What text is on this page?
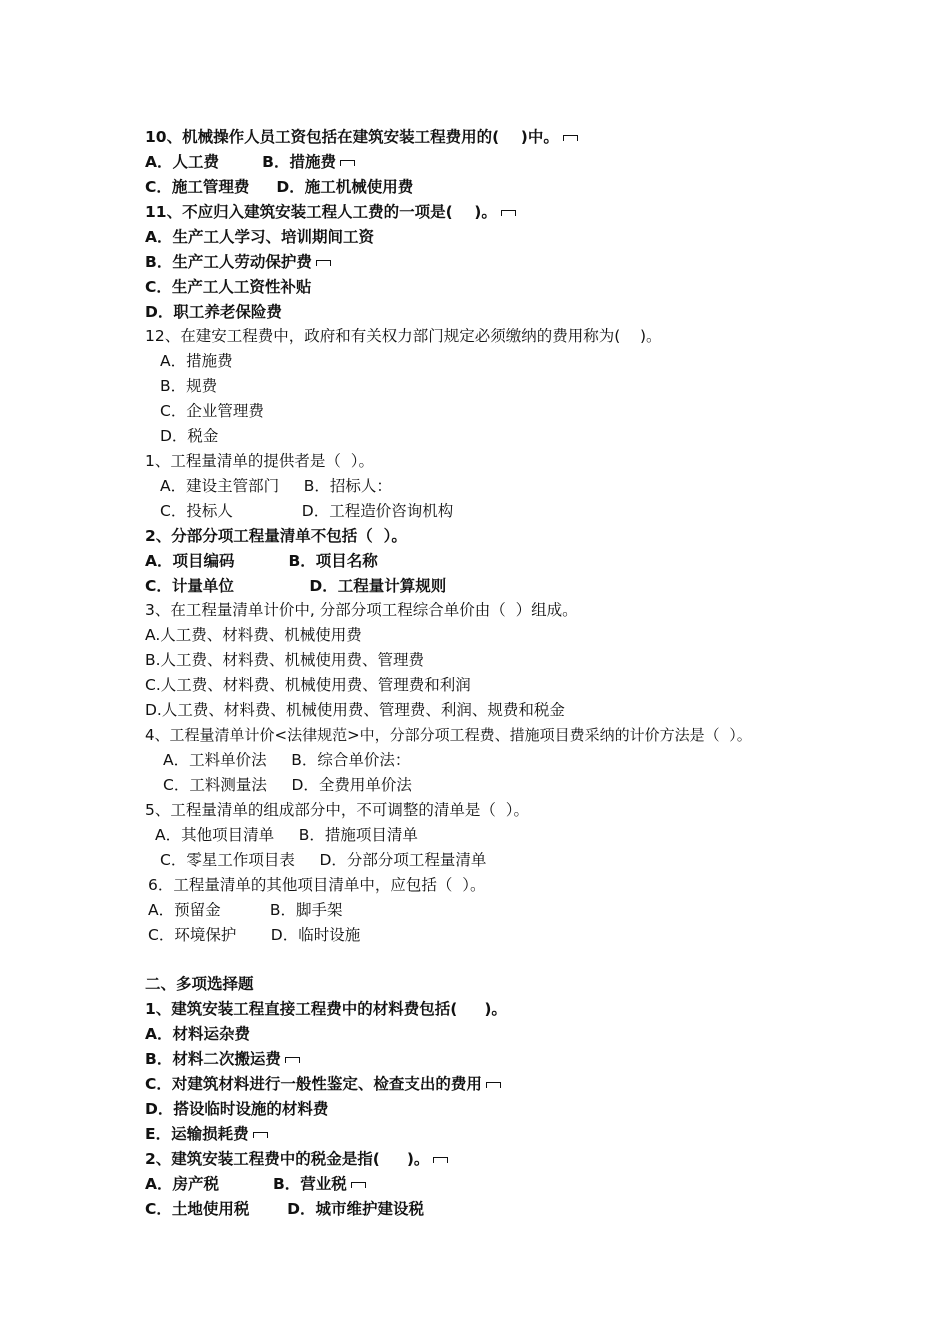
10、机械操作人员工资包括在建筑安装工程费用的(    )中。
A．人工费        B．措施费
C．施工管理费     D．施工机械使用费
11、不应归入建筑安装工程人工费的一项是(    )。
A．生产工人学习、培训期间工资
B．生产工人劳动保护费
C．生产工人工资性补贴
D．职工养老保险费
12、在建安工程费中，政府和有关权力部门规定必须缴纳的费用称为(    )。
A．措施费
B．规费
C．企业管理费
D．税金
1、工程量清单的提供者是（  ）。
A．建设主管部门     B．招标人：
C．投标人              D．工程造价咨询机构
2、分部分项工程量清单不包括（  ）。
A．项目编码          B．项目名称
C．计量单位              D．工程量计算规则
3、在工程量清单计价中, 分部分项工程综合单价由（  ）组成。
A.人工费、材料费、机械使用费
B.人工费、材料费、机械使用费、管理费
C.人工费、材料费、机械使用费、管理费和利润
D.人工费、材料费、机械使用费、管理费、利润、规费和税金
4、工程量清单计价<法律规范>中，分部分项工程费、措施项目费采纳的计价方法是（  ）。
A．工料单价法     B．综合单价法：
C．工料测量法     D．全费用单价法
5、工程量清单的组成部分中，不可调整的清单是（  ）。
A．其他项目清单     B．措施项目清单
C．零星工作项目表     D．分部分项工程量清单
6．工程量清单的其他项目清单中，应包括（  ）。
A．预留金          B．脚手架
C．环境保护       D．临时设施
二、多项选择题
1、建筑安装工程直接工程费中的材料费包括(     )。
A．材料运杂费
B．材料二次搬运费
C．对建筑材料进行一般性鉴定、检查支出的费用
D．搭设临时设施的材料费
E．运输损耗费
2、建筑安装工程费中的税金是指(     )。
A．房产税          B．营业税
C．土地使用税       D．城市维护建设税
